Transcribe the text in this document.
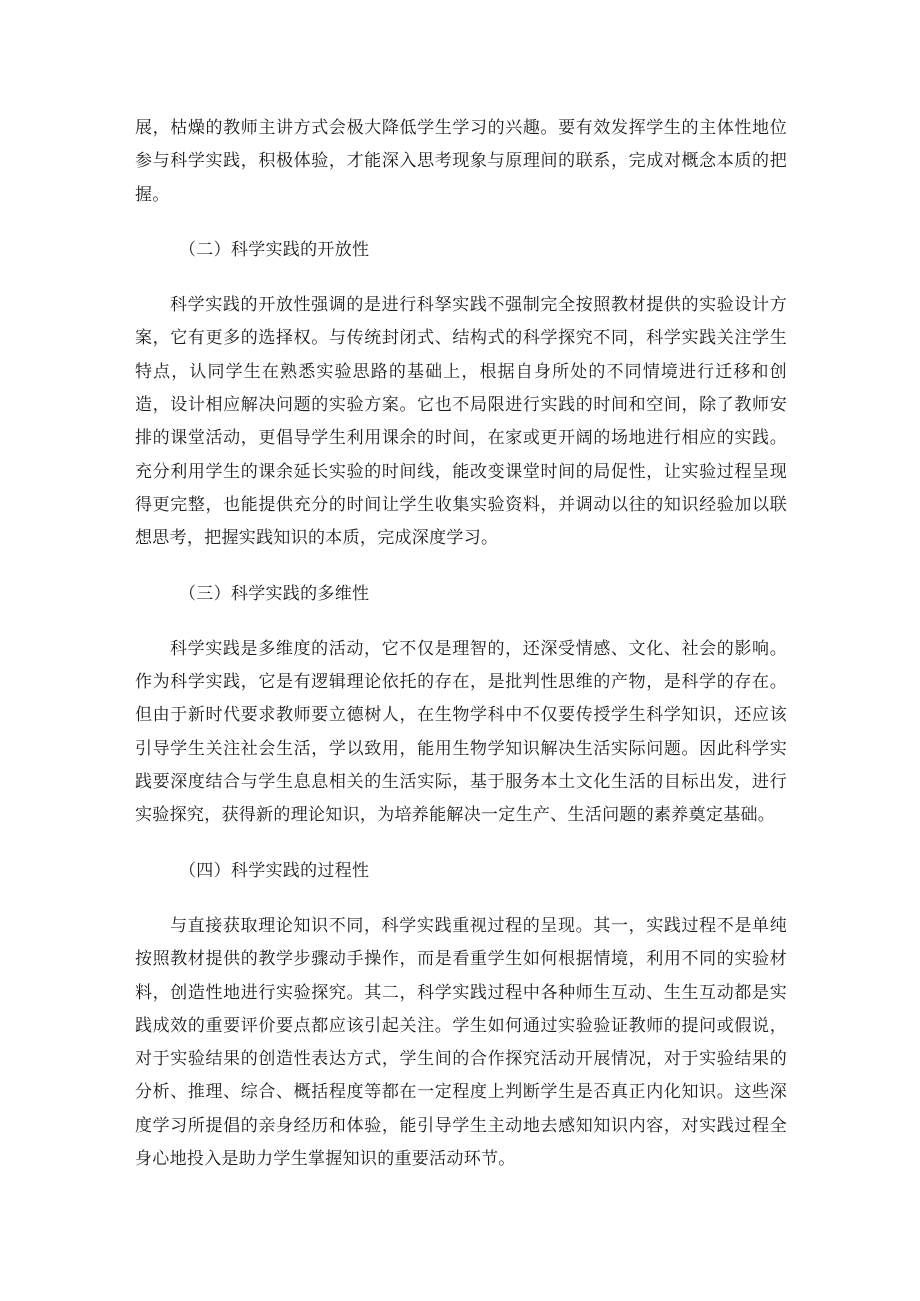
展，枯燥的教师主讲方式会极大降低学生学习的兴趣。要有效发挥学生的主体性地位参与科学实践，积极体验，才能深入思考现象与原理间的联系，完成对概念本质的把握。

（二）科学实践的开放性

科学实践的开放性强调的是进行科孥实践不强制完全按照教材提供的实验设计方案，它有更多的选择权。与传统封闭式、结构式的科学探究不同，科学实践关注学生特点，认同学生在熟悉实验思路的基础上，根据自身所处的不同情境进行迁移和创造，设计相应解决问题的实验方案。它也不局限进行实践的时间和空间，除了教师安排的课堂活动，更倡导学生利用课余的时间，在家或更开阔的场地进行相应的实践。充分利用学生的课余延长实验的时间线，能改变课堂时间的局促性，让实验过程呈现得更完整，也能提供充分的时间让学生收集实验资料，并调动以往的知识经验加以联想思考，把握实践知识的本质，完成深度学习。

（三）科学实践的多维性

科学实践是多维度的活动，它不仅是理智的，还深受情感、文化、社会的影响。作为科学实践，它是有逻辑理论依托的存在，是批判性思维的产物，是科学的存在。但由于新时代要求教师要立德树人，在生物学科中不仅要传授学生科学知识，还应该引导学生关注社会生活，学以致用，能用生物学知识解决生活实际问题。因此科学实践要深度结合与学生息息相关的生活实际，基于服务本土文化生活的目标出发，进行实验探究，获得新的理论知识，为培养能解决一定生产、生活问题的素养奠定基础。

（四）科学实践的过程性

与直接获取理论知识不同，科学实践重视过程的呈现。其一，实践过程不是单纯按照教材提供的教学步骤动手操作，而是看重学生如何根据情境，利用不同的实验材料，创造性地进行实验探究。其二，科学实践过程中各种师生互动、生生互动都是实践成效的重要评价要点都应该引起关注。学生如何通过实验验证教师的提问或假说，对于实验结果的创造性表达方式，学生间的合作探究活动开展情况，对于实验结果的分析、推理、综合、概括程度等都在一定程度上判断学生是否真正内化知识。这些深度学习所提倡的亲身经历和体验，能引导学生主动地去感知知识内容，对实践过程全身心地投入是助力学生掌握知识的重要活动环节。
